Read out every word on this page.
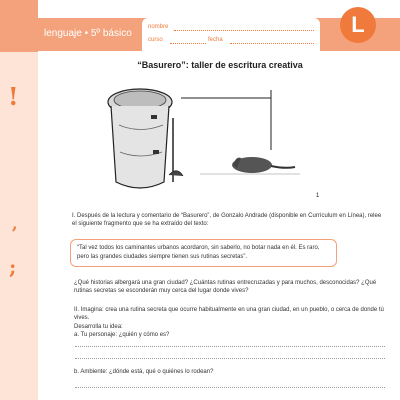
!
,
;
lenguaje • 5º básico
nombre
curso	fecha
L
“Basurero”: taller de escritura creativa
1
I. Después de la lectura y comentario de “Basurero”, de Gonzalo Andrade (disponible en Currículum en Línea), relee el siguiente fragmento que se ha extraído del texto:
“Tal vez todos los caminantes urbanos acordaron, sin saberlo, no botar nada en él. Es raro, pero las grandes ciudades siempre tienen sus rutinas secretas”.
¿Qué historias albergará una gran ciudad? ¿Cuántas rutinas entrecruzadas y para muchos, desconocidas? ¿Qué rutinas secretas se esconderán muy cerca del lugar donde vives?
II. Imagina: crea una rutina secreta que ocurre habitualmente en una gran ciudad, en un pueblo, o cerca de donde tú vives.
Desarrolla tu idea:
a. Tu personaje: ¿quién y cómo es?
b. Ambiente: ¿dónde está, qué o quiénes lo rodean?
